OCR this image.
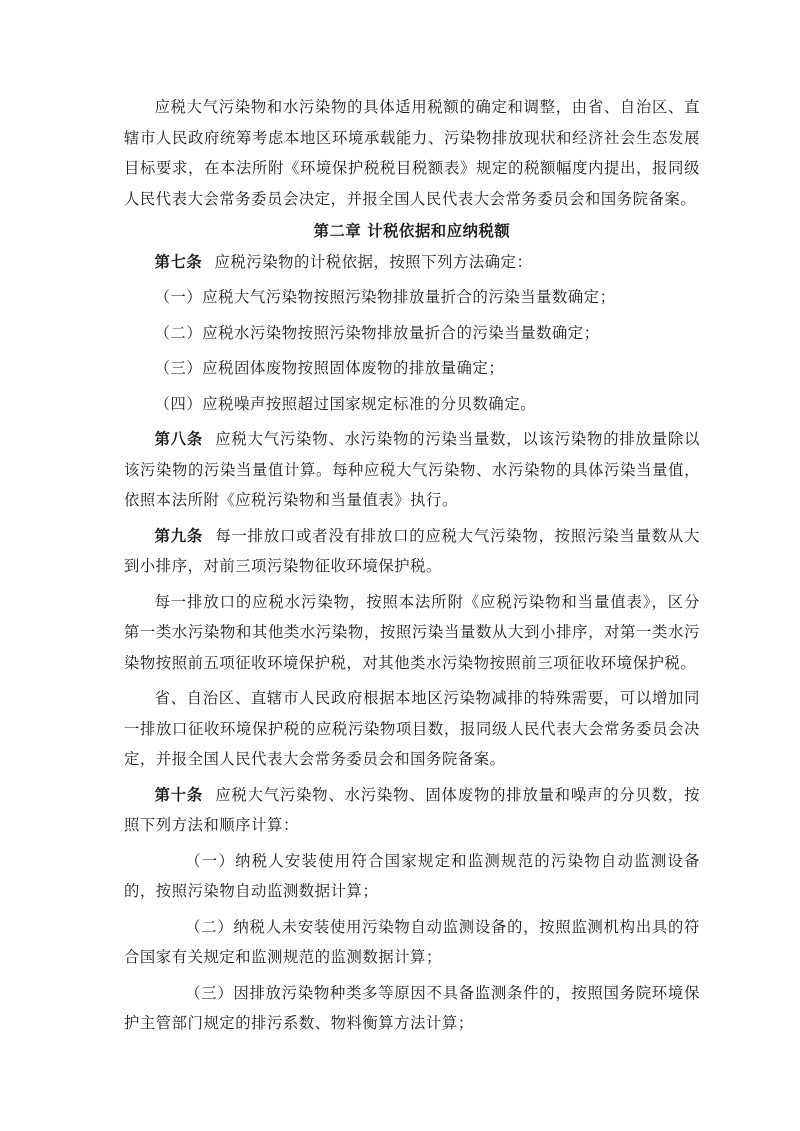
应税大气污染物和水污染物的具体适用税额的确定和调整，由省、自治区、直辖市人民政府统筹考虑本地区环境承载能力、污染物排放现状和经济社会生态发展目标要求，在本法所附《环境保护税税目税额表》规定的税额幅度内提出，报同级人民代表大会常务委员会决定，并报全国人民代表大会常务委员会和国务院备案。

第二章 计税依据和应纳税额

第七条 应税污染物的计税依据，按照下列方法确定：

（一）应税大气污染物按照污染物排放量折合的污染当量数确定；

（二）应税水污染物按照污染物排放量折合的污染当量数确定；

（三）应税固体废物按照固体废物的排放量确定；

（四）应税噪声按照超过国家规定标准的分贝数确定。

第八条 应税大气污染物、水污染物的污染当量数，以该污染物的排放量除以该污染物的污染当量值计算。每种应税大气污染物、水污染物的具体污染当量值，依照本法所附《应税污染物和当量值表》执行。

第九条 每一排放口或者没有排放口的应税大气污染物，按照污染当量数从大到小排序，对前三项污染物征收环境保护税。

每一排放口的应税水污染物，按照本法所附《应税污染物和当量值表》，区分第一类水污染物和其他类水污染物，按照污染当量数从大到小排序，对第一类水污染物按照前五项征收环境保护税，对其他类水污染物按照前三项征收环境保护税。

省、自治区、直辖市人民政府根据本地区污染物减排的特殊需要，可以增加同一排放口征收环境保护税的应税污染物项目数，报同级人民代表大会常务委员会决定，并报全国人民代表大会常务委员会和国务院备案。

第十条 应税大气污染物、水污染物、固体废物的排放量和噪声的分贝数，按照下列方法和顺序计算：

（一）纳税人安装使用符合国家规定和监测规范的污染物自动监测设备的，按照污染物自动监测数据计算；

（二）纳税人未安装使用污染物自动监测设备的，按照监测机构出具的符合国家有关规定和监测规范的监测数据计算；

（三）因排放污染物种类多等原因不具备监测条件的，按照国务院环境保护主管部门规定的排污系数、物料衡算方法计算；
